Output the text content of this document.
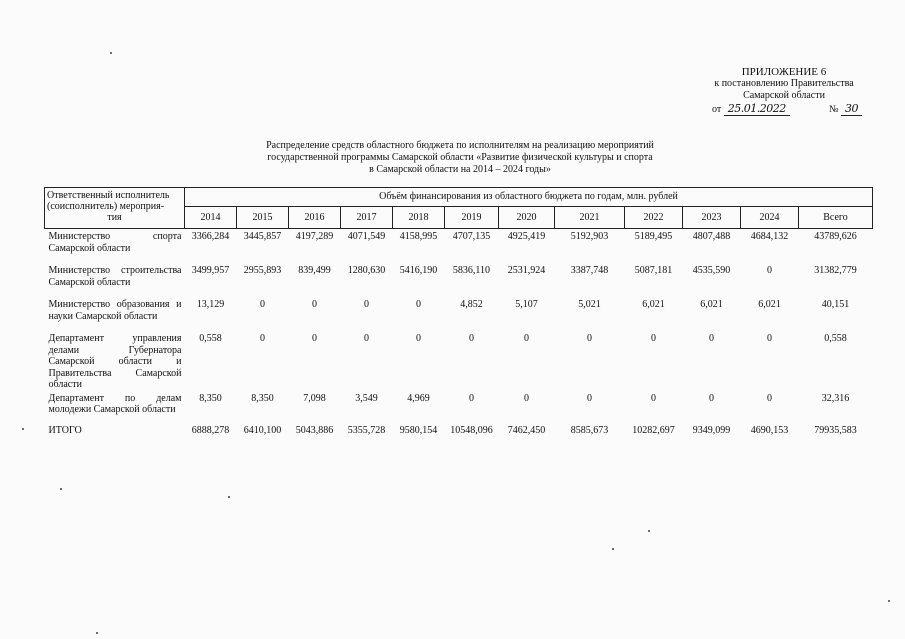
ПРИЛОЖЕНИЕ 6
к постановлению Правительства
Самарской области
от 25.01.2022	№ 30
Распределение средств областного бюджета по исполнителям на реализацию мероприятий
государственной программы Самарской области «Развитие физической культуры и спорта
в Самарской области на 2014 – 2024 годы»
Ответственный исполнитель (соисполнитель) мероприя-
тия	Объём финансирования из областного бюджета по годам, млн. рублей											
	2014	2015	2016	2017	2018	2019	2020	2021	2022	2023	2024	Всего
Министерство спорта Самарской области	3366,284	3445,857	4197,289	4071,549	4158,995	4707,135	4925,419	5192,903	5189,495	4807,488	4684,132	43789,626
Министерство строительства Самарской области	3499,957	2955,893	839,499	1280,630	5416,190	5836,110	2531,924	3387,748	5087,181	4535,590	0	31382,779
Министерство образования и науки Самарской области	13,129	0	0	0	0	4,852	5,107	5,021	6,021	6,021	6,021	40,151
Департамент управления делами Губернатора Самарской области и Правительства Самарской области	0,558	0	0	0	0	0	0	0	0	0	0	0,558
Департамент по делам молодежи Самарской области	8,350	8,350	7,098	3,549	4,969	0	0	0	0	0	0	32,316
ИТОГО	6888,278	6410,100	5043,886	5355,728	9580,154	10548,096	7462,450	8585,673	10282,697	9349,099	4690,153	79935,583
